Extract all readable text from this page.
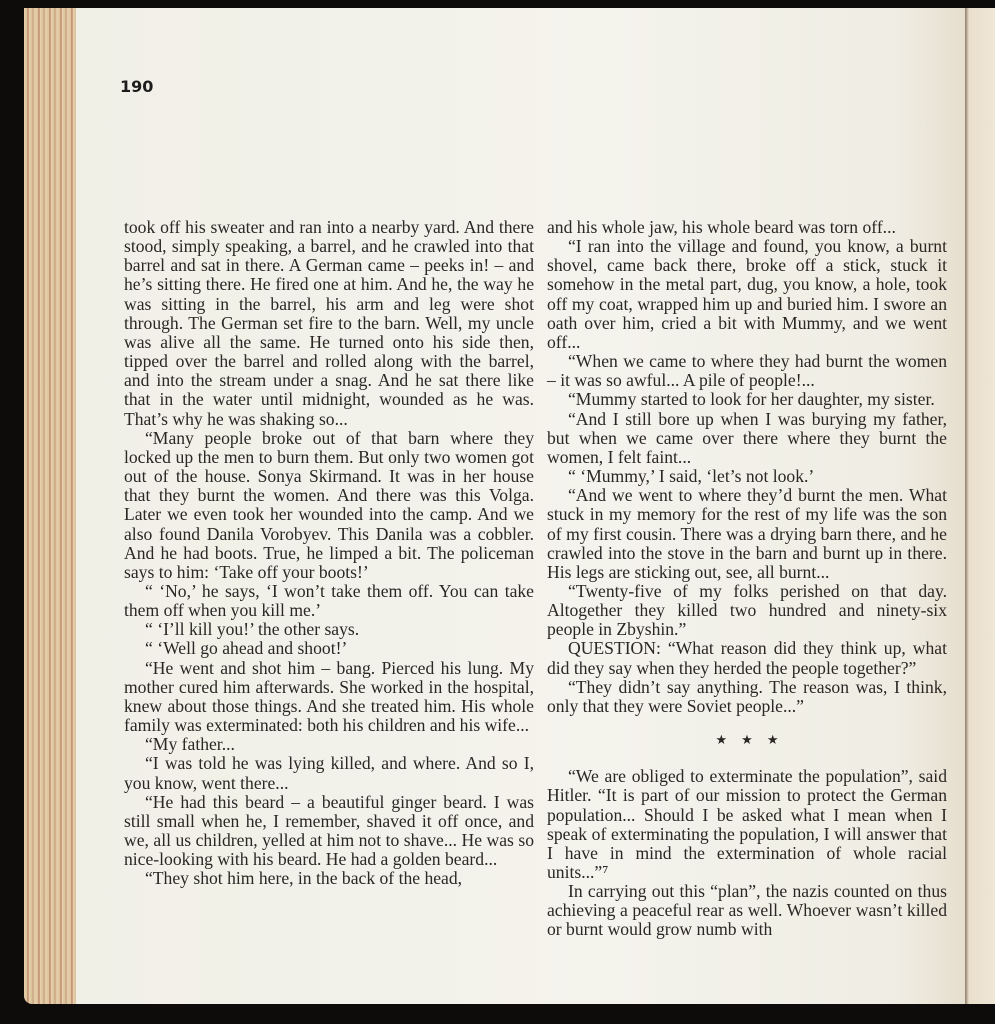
190

took off his sweater and ran into a nearby yard. And there stood, simply speaking, a barrel, and he crawled into that barrel and sat in there. A German came – peeks in! – and he’s sitting there. He fired one at him. And he, the way he was sitting in the barrel, his arm and leg were shot through. The German set fire to the barn. Well, my uncle was alive all the same. He turned onto his side then, tipped over the barrel and rolled along with the barrel, and into the stream under a snag. And he sat there like that in the water until midnight, wounded as he was. That’s why he was shaking so...

“Many people broke out of that barn where they locked up the men to burn them. But only two women got out of the house. Sonya Skirmand. It was in her house that they burnt the women. And there was this Volga. Later we even took her wounded into the camp. And we also found Danila Vorobyev. This Danila was a cobbler. And he had boots. True, he limped a bit. The policeman says to him: ‘Take off your boots!’

“ ‘No,’ he says, ‘I won’t take them off. You can take them off when you kill me.’

“ ‘I’ll kill you!’ the other says.

“ ‘Well go ahead and shoot!’

“He went and shot him – bang. Pierced his lung. My mother cured him afterwards. She worked in the hospital, knew about those things. And she treated him. His whole family was exterminated: both his children and his wife...

“My father...

“I was told he was lying killed, and where. And so I, you know, went there...

“He had this beard – a beautiful ginger beard. I was still small when he, I remember, shaved it off once, and we, all us children, yelled at him not to shave... He was so nice-looking with his beard. He had a golden beard...

“They shot him here, in the back of the head,

and his whole jaw, his whole beard was torn off...

“I ran into the village and found, you know, a burnt shovel, came back there, broke off a stick, stuck it somehow in the metal part, dug, you know, a hole, took off my coat, wrapped him up and buried him. I swore an oath over him, cried a bit with Mummy, and we went off...

“When we came to where they had burnt the women – it was so awful... A pile of people!...

“Mummy started to look for her daughter, my sister.

“And I still bore up when I was burying my father, but when we came over there where they burnt the women, I felt faint...

“ ‘Mummy,’ I said, ‘let’s not look.’

“And we went to where they’d burnt the men. What stuck in my memory for the rest of my life was the son of my first cousin. There was a drying barn there, and he crawled into the stove in the barn and burnt up in there. His legs are sticking out, see, all burnt...

“Twenty-five of my folks perished on that day. Altogether they killed two hundred and ninety-six people in Zbyshin.”

QUESTION: “What reason did they think up, what did they say when they herded the people together?”

“They didn’t say anything. The reason was, I think, only that they were Soviet people...”

★★★

“We are obliged to exterminate the population”, said Hitler. “It is part of our mission to protect the German population... Should I be asked what I mean when I speak of exterminating the population, I will answer that I have in mind the extermination of whole racial units...”⁷

In carrying out this “plan”, the nazis counted on thus achieving a peaceful rear as well. Whoever wasn’t killed or burnt would grow numb with
